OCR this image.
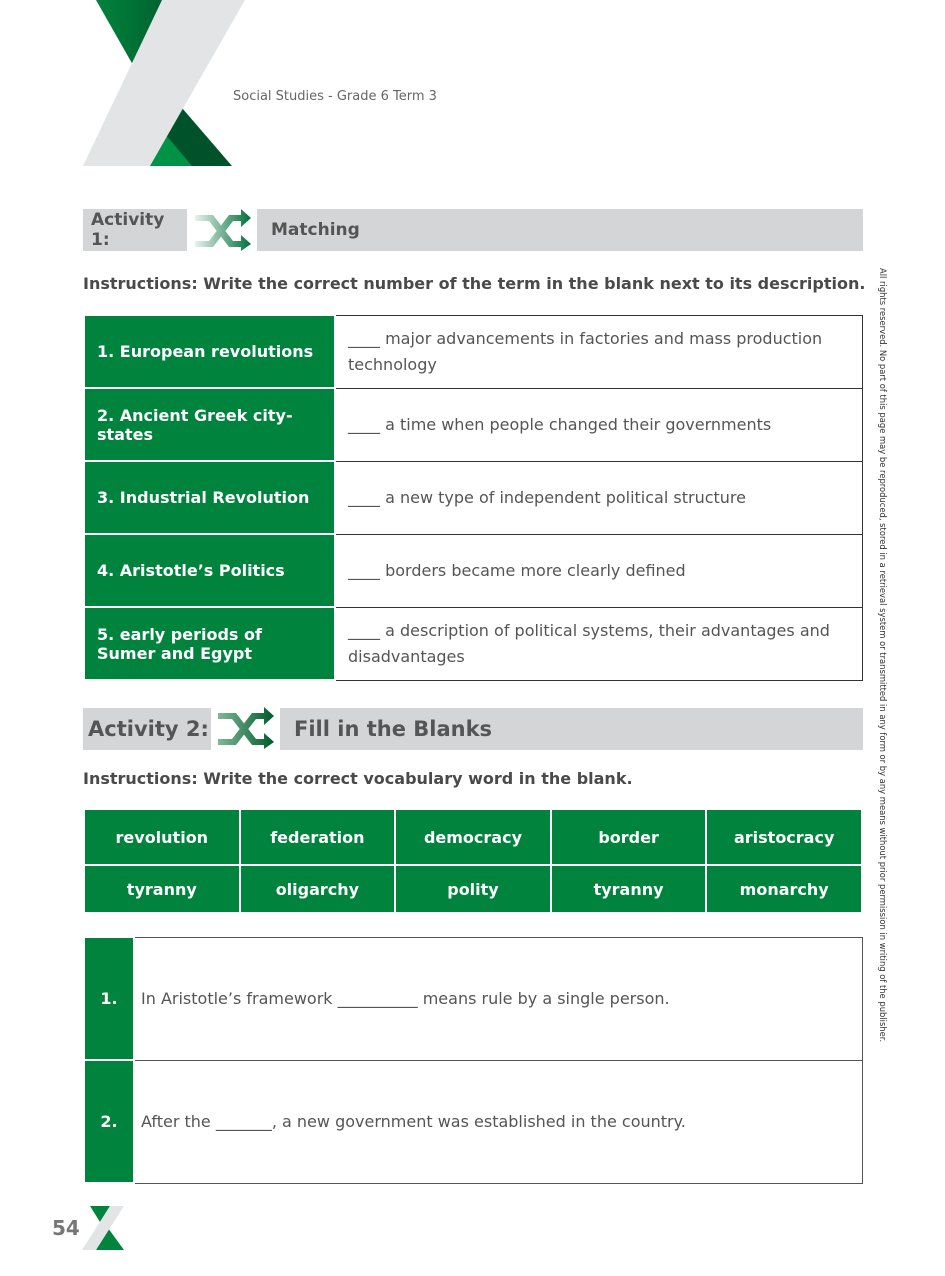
Social Studies - Grade 6 Term 3
Activity 1:	Matching
Instructions: Write the correct number of the term in the blank next to its description.
1. European revolutions	____ major advancements in factories and mass production technology
2. Ancient Greek city-states	____ a time when people changed their governments
3. Industrial Revolution	____ a new type of independent political structure
4. Aristotle’s Politics	____ borders became more clearly defined
5. early periods of Sumer and Egypt	____ a description of political systems, their advantages and disadvantages
Activity 2:	Fill in the Blanks
Instructions: Write the correct vocabulary word in the blank.
revolution	federation	democracy	border	aristocracy
tyranny	oligarchy	polity	tyranny	monarchy
1.	In Aristotle’s framework __________ means rule by a single person.
2.	After the _______, a new government was established in the country.
All rights reserved. No part of this page may be reproduced, stored in a retrieval system or transmitted in any form or by any means without prior permission in writing of the publisher.
54
